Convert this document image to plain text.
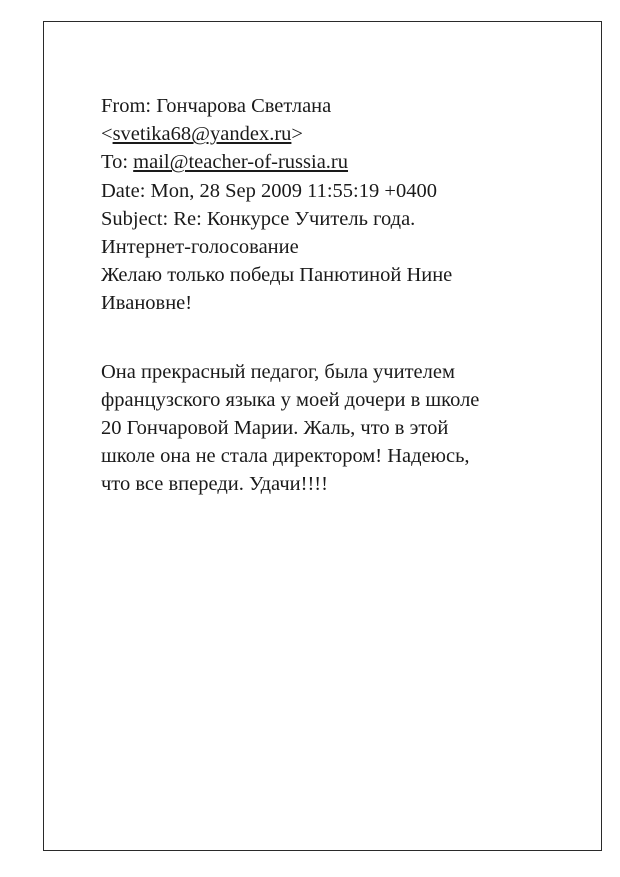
From: Гончарова Светлана
<svetika68@yandex.ru>
To: mail@teacher-of-russia.ru
Date: Mon, 28 Sep 2009 11:55:19 +0400
Subject: Re: Конкурсе Учитель года.
Интернет-голосование
Желаю только победы Панютиной Нине
Ивановне!
Она прекрасный педагог, была учителем
французского языка у моей дочери в школе
20 Гончаровой Марии. Жаль, что в этой
школе она не стала директором! Надеюсь,
что все впереди. Удачи!!!!
